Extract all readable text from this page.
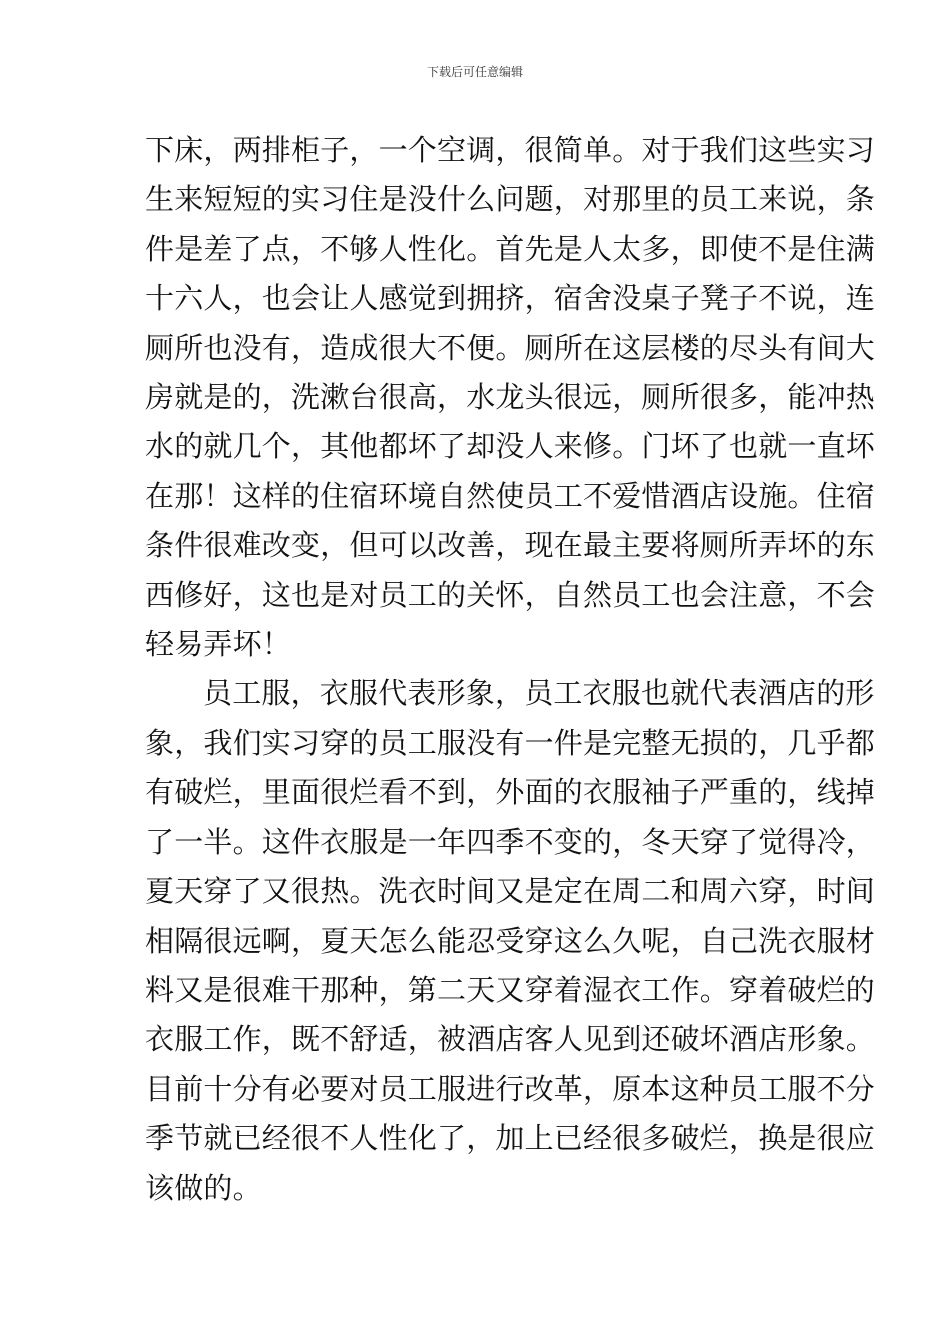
下载后可任意编辑
下床，两排柜子，一个空调，很简单。对于我们这些实习
生来短短的实习住是没什么问题，对那里的员工来说，条
件是差了点，不够人性化。首先是人太多，即使不是住满
十六人，也会让人感觉到拥挤，宿舍没桌子凳子不说，连
厕所也没有，造成很大不便。厕所在这层楼的尽头有间大
房就是的，洗漱台很高，水龙头很远，厕所很多，能冲热
水的就几个，其他都坏了却没人来修。门坏了也就一直坏
在那！这样的住宿环境自然使员工不爱惜酒店设施。住宿
条件很难改变，但可以改善，现在最主要将厕所弄坏的东
西修好，这也是对员工的关怀，自然员工也会注意，不会
轻易弄坏！
员工服，衣服代表形象，员工衣服也就代表酒店的形
象，我们实习穿的员工服没有一件是完整无损的，几乎都
有破烂，里面很烂看不到，外面的衣服袖子严重的，线掉
了一半。这件衣服是一年四季不变的，冬天穿了觉得冷，
夏天穿了又很热。洗衣时间又是定在周二和周六穿，时间
相隔很远啊，夏天怎么能忍受穿这么久呢，自己洗衣服材
料又是很难干那种，第二天又穿着湿衣工作。穿着破烂的
衣服工作，既不舒适，被酒店客人见到还破坏酒店形象。
目前十分有必要对员工服进行改革，原本这种员工服不分
季节就已经很不人性化了，加上已经很多破烂，换是很应
该做的。
